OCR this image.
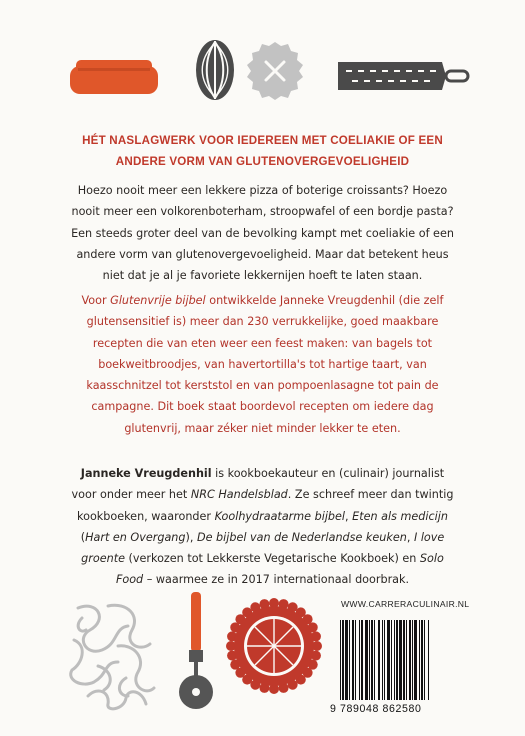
HÉT NASLAGWERK VOOR IEDEREEN MET COELIAKIE OF EEN ANDERE VORM VAN GLUTENOVERGEVOELIGHEID
Hoezo nooit meer een lekkere pizza of boterige croissants? Hoezo nooit meer een volkorenboterham, stroopwafel of een bordje pasta? Een steeds groter deel van de bevolking kampt met coeliakie of een andere vorm van glutenovergevoeligheid. Maar dat betekent heus niet dat je al je favoriete lekkernijen hoeft te laten staan.
Voor Glutenvrije bijbel ontwikkelde Janneke Vreugdenhil (die zelf glutensensitief is) meer dan 230 verrukkelijke, goed maakbare recepten die van eten weer een feest maken: van bagels tot boekweitbroodjes, van havertortilla's tot hartige taart, van kaasschnitzel tot kerststol en van pompoenlasagne tot pain de campagne. Dit boek staat boordevol recepten om iedere dag glutenvrij, maar zéker niet minder lekker te eten.
Janneke Vreugdenhil is kookboekauteur en (culinair) journalist voor onder meer het NRC Handelsblad. Ze schreef meer dan twintig kookboeken, waaronder Koolhydraatarme bijbel, Eten als medicijn (Hart en Overgang), De bijbel van de Nederlandse keuken, I love groente (verkozen tot Lekkerste Vegetarische Kookboek) en Solo Food – waarmee ze in 2017 internationaal doorbrak.
WWW.CARRERACULINAIR.NL
9 789048 862580
